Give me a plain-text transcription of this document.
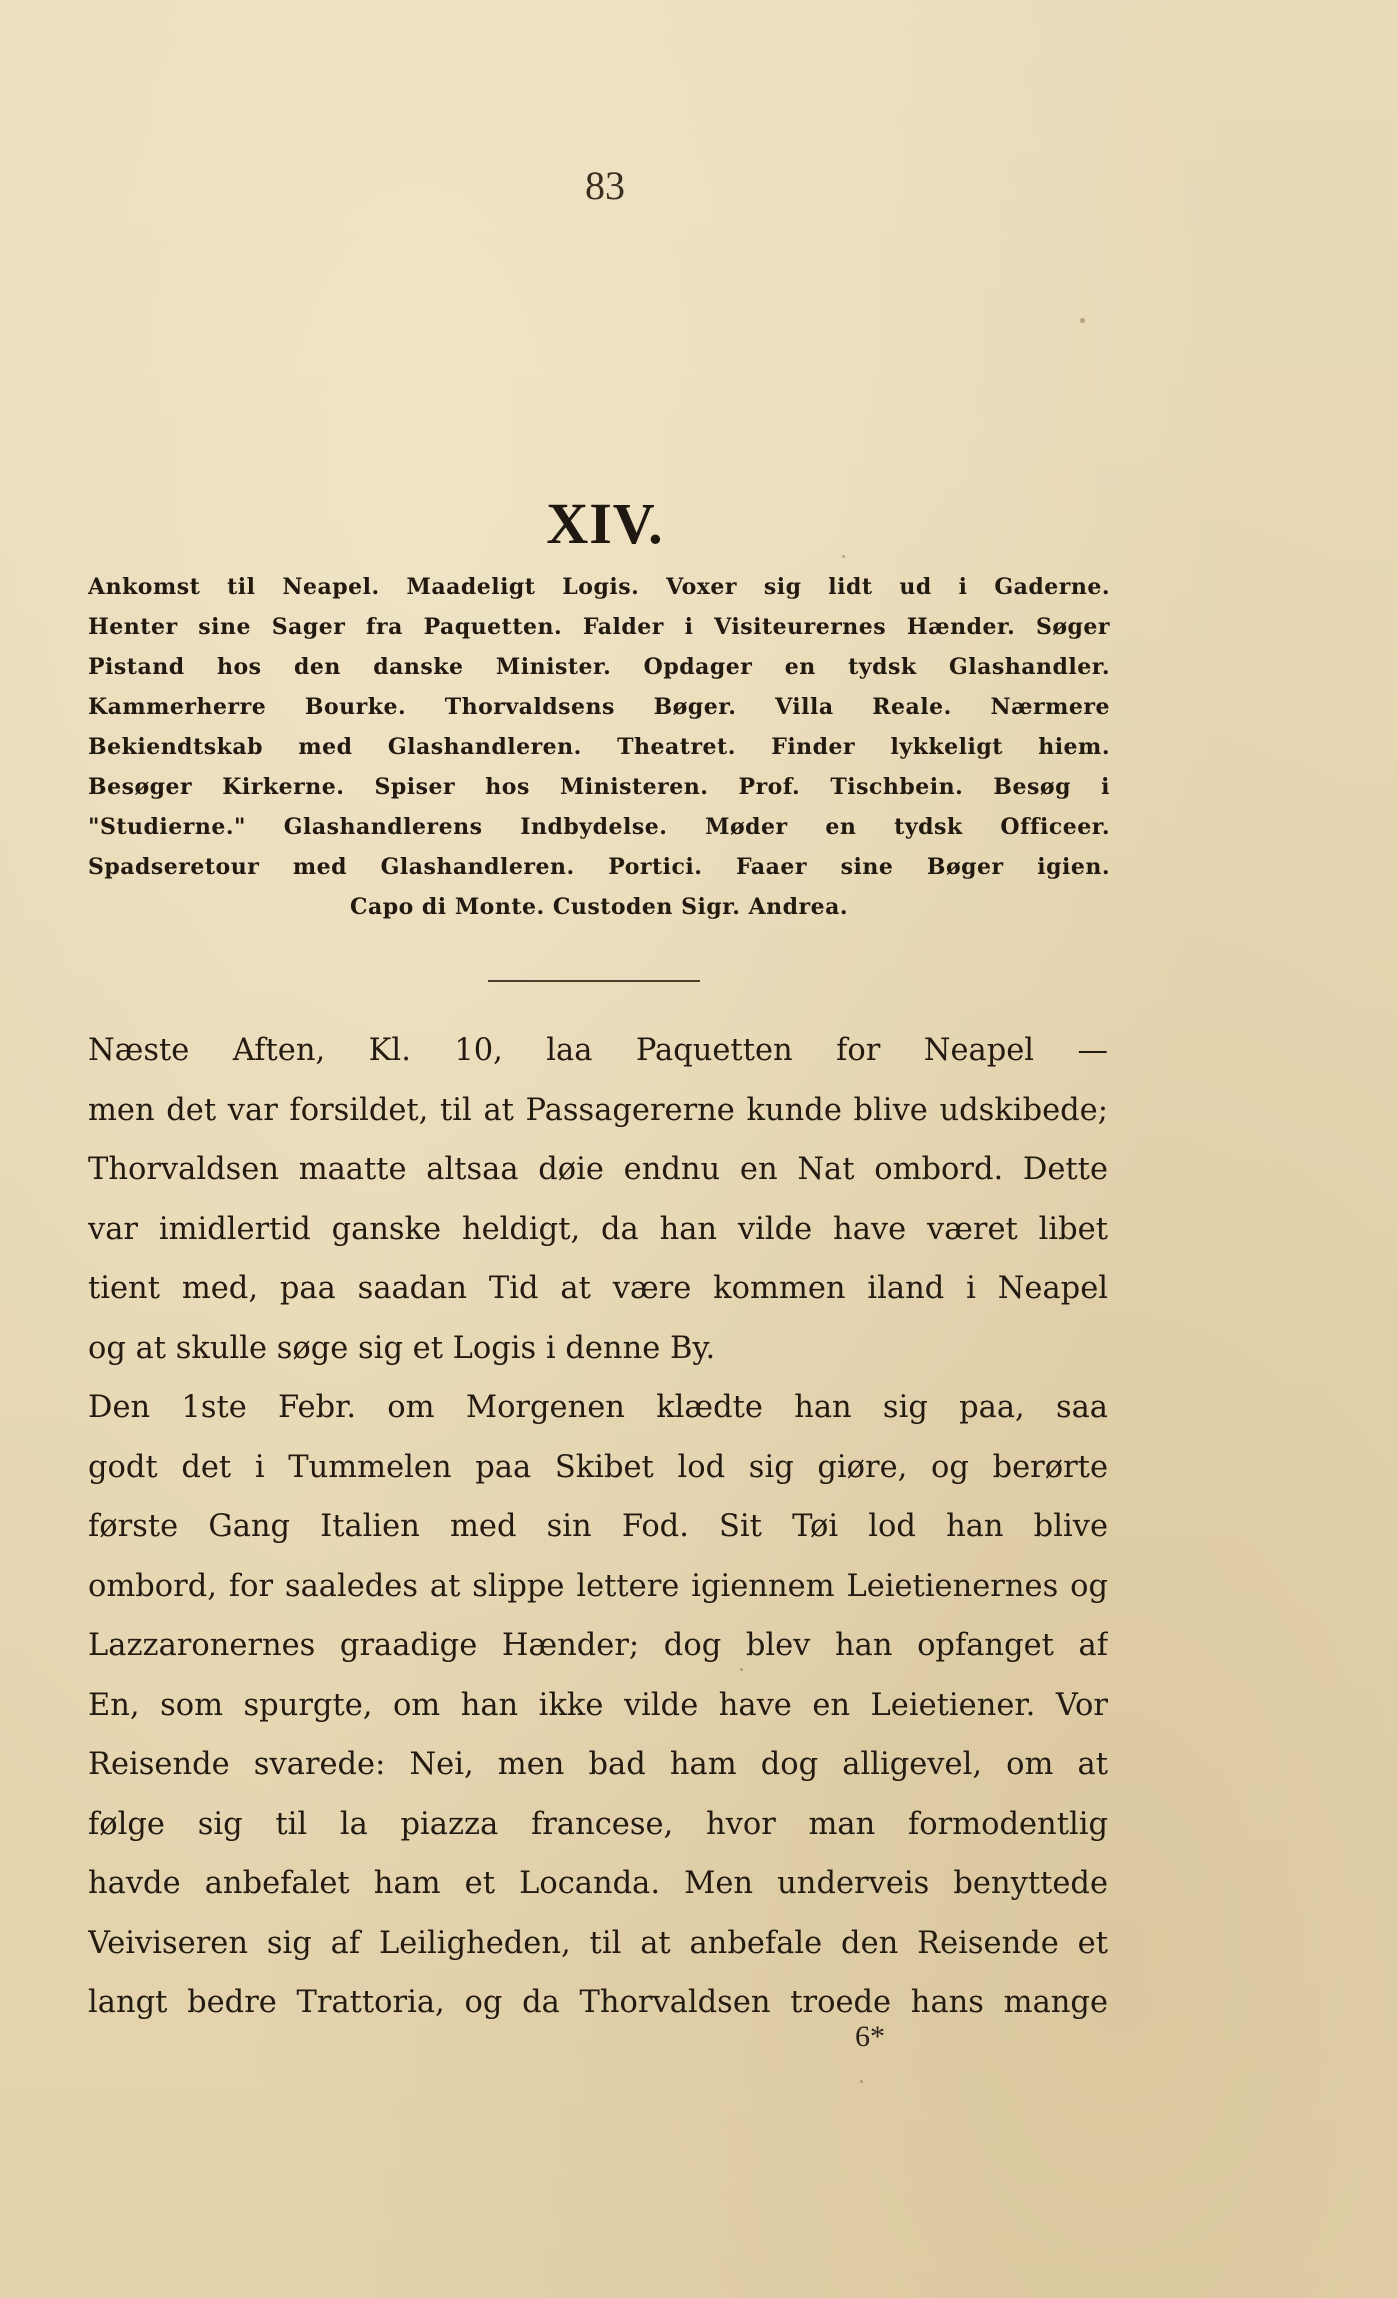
83
XIV.
Ankomst til Neapel. Maadeligt Logis. Voxer sig lidt ud i Gaderne.
Henter sine Sager fra Paquetten. Falder i Visiteurernes Hænder. Søger
Pistand hos den danske Minister. Opdager en tydsk Glashandler.
Kammerherre Bourke. Thorvaldsens Bøger. Villa Reale. Nærmere
Bekiendtskab med Glashandleren. Theatret. Finder lykkeligt hiem.
Besøger Kirkerne. Spiser hos Ministeren. Prof. Tischbein. Besøg i
"Studierne." Glashandlerens Indbydelse. Møder en tydsk Officeer.
Spadseretour med Glashandleren. Portici. Faaer sine Bøger igien.
Capo di Monte. Custoden Sigr. Andrea.
Næste Aften, Kl. 10, laa Paquetten for Neapel —
men det var forsildet, til at Passagererne kunde blive udskibede;
Thorvaldsen maatte altsaa døie endnu en Nat ombord. Dette
var imidlertid ganske heldigt, da han vilde have været libet
tient med, paa saadan Tid at være kommen iland i Neapel
og at skulle søge sig et Logis i denne By.
Den 1ste Febr. om Morgenen klædte han sig paa, saa
godt det i Tummelen paa Skibet lod sig giøre, og berørte
første Gang Italien med sin Fod. Sit Tøi lod han blive
ombord, for saaledes at slippe lettere igiennem Leietienernes og
Lazzaronernes graadige Hænder; dog blev han opfanget af
En, som spurgte, om han ikke vilde have en Leietiener. Vor
Reisende svarede: Nei, men bad ham dog alligevel, om at
følge sig til la piazza francese, hvor man formodentlig
havde anbefalet ham et Locanda. Men underveis benyttede
Veiviseren sig af Leiligheden, til at anbefale den Reisende et
langt bedre Trattoria, og da Thorvaldsen troede hans mange
6*
